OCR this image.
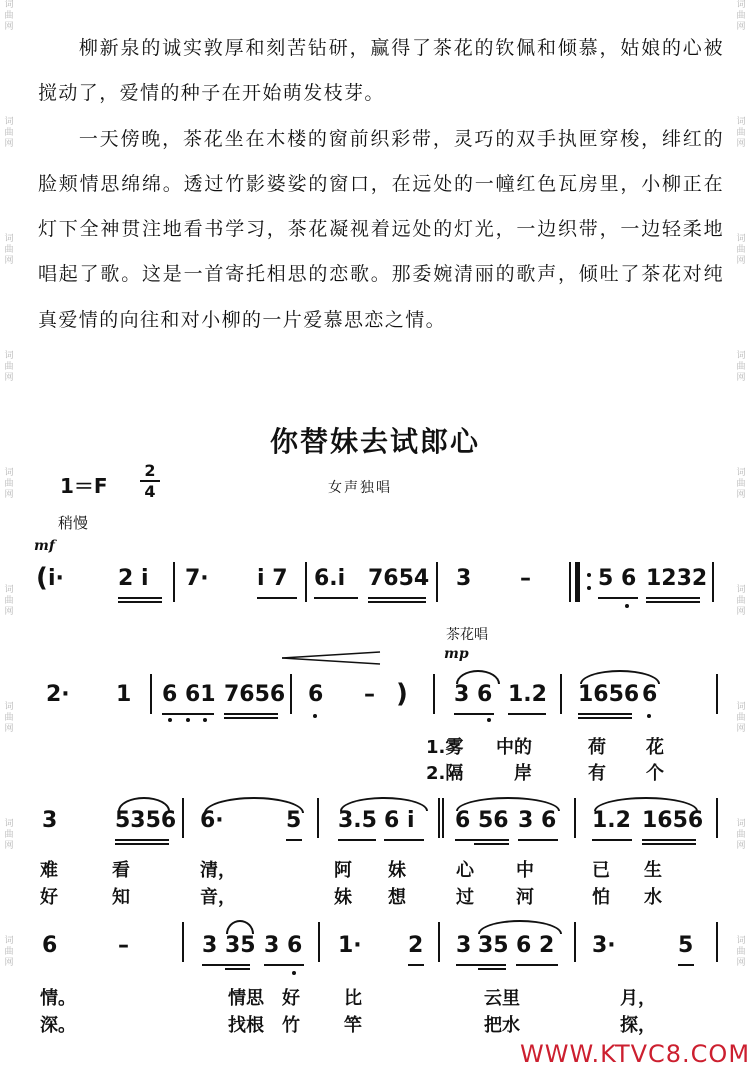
词
曲
网
词
曲
网
词
曲
网
词
曲
网
词
曲
网
词
曲
网
词
曲
网
词
曲
网
词
曲
网
词
曲
网
词
曲
网
词
曲
网
词
曲
网
词
曲
网
词
曲
网
词
曲
网
词
曲
网
词
曲
网

柳新泉的诚实敦厚和刻苦钻研，赢得了茶花的钦佩和倾慕，姑娘的心被搅动了，爱情的种子在开始萌发枝芽。

一天傍晚，茶花坐在木楼的窗前织彩带，灵巧的双手执匣穿梭，绯红的脸颊情思绵绵。透过竹影婆娑的窗口，在远处的一幢红色瓦房里，小柳正在灯下全神贯注地看书学习，茶花凝视着远处的灯光，一边织带，一边轻柔地唱起了歌。这是一首寄托相思的恋歌。那委婉清丽的歌声，倾吐了茶花对纯真爱情的向往和对小柳的一片爱慕思恋之情。

你替妹去试郎心
1＝F
2
4	女声独唱
稍慢
mf
( i· 2 i 7· i 7 6.i 7654 3 –	5 6 1232
茶花唱
mp
2· 1 6 61 7656 6 – ) 3 6 1.2 1656 6
1.雾 中的	荷 花
2.隔	岸	有 个
3	5356 6·	5 3.5 6 i 6 56 3 6 1.2 1656
难	看	清，	阿 妹	心 中	已 生
好	知	音，	妹 想	过 河	怕 水
6	–	3 35 3 6 1· 2 3 35 6 2 3·	5
情。	情思 好 比	云里	月，
深。	找根 竹 竿	把水	探，
WWW.KTVC8.COM
